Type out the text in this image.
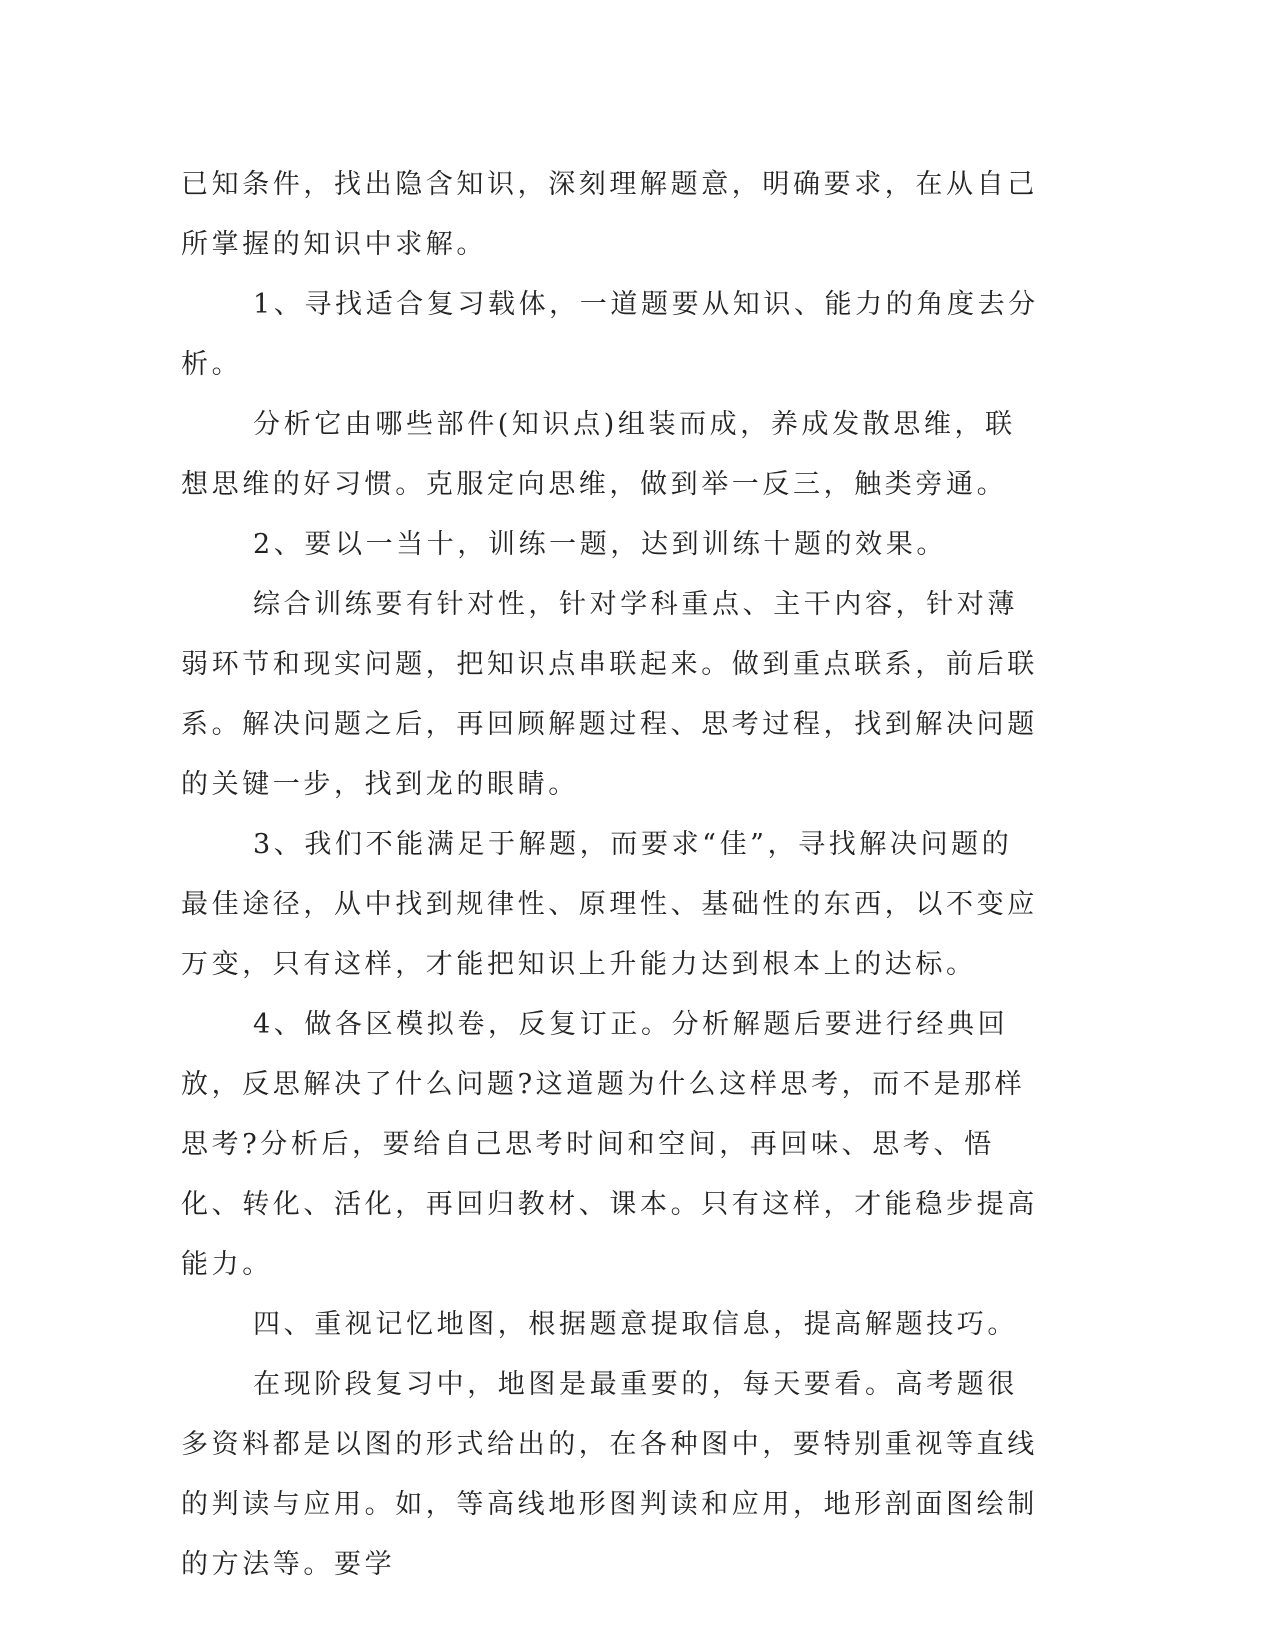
已知条件，找出隐含知识，深刻理解题意，明确要求，在从自己所掌握的知识中求解。

1、寻找适合复习载体，一道题要从知识、能力的角度去分析。

分析它由哪些部件(知识点)组装而成，养成发散思维，联想思维的好习惯。克服定向思维，做到举一反三，触类旁通。

2、要以一当十，训练一题，达到训练十题的效果。

综合训练要有针对性，针对学科重点、主干内容，针对薄弱环节和现实问题，把知识点串联起来。做到重点联系，前后联系。解决问题之后，再回顾解题过程、思考过程，找到解决问题的关键一步，找到龙的眼睛。

3、我们不能满足于解题，而要求“佳”，寻找解决问题的最佳途径，从中找到规律性、原理性、基础性的东西，以不变应万变，只有这样，才能把知识上升能力达到根本上的达标。

4、做各区模拟卷，反复订正。分析解题后要进行经典回放，反思解决了什么问题?这道题为什么这样思考，而不是那样思考?分析后，要给自己思考时间和空间，再回味、思考、悟化、转化、活化，再回归教材、课本。只有这样，才能稳步提高能力。

四、重视记忆地图，根据题意提取信息，提高解题技巧。

在现阶段复习中，地图是最重要的，每天要看。高考题很多资料都是以图的形式给出的，在各种图中，要特别重视等直线的判读与应用。如，等高线地形图判读和应用，地形剖面图绘制的方法等。要学
